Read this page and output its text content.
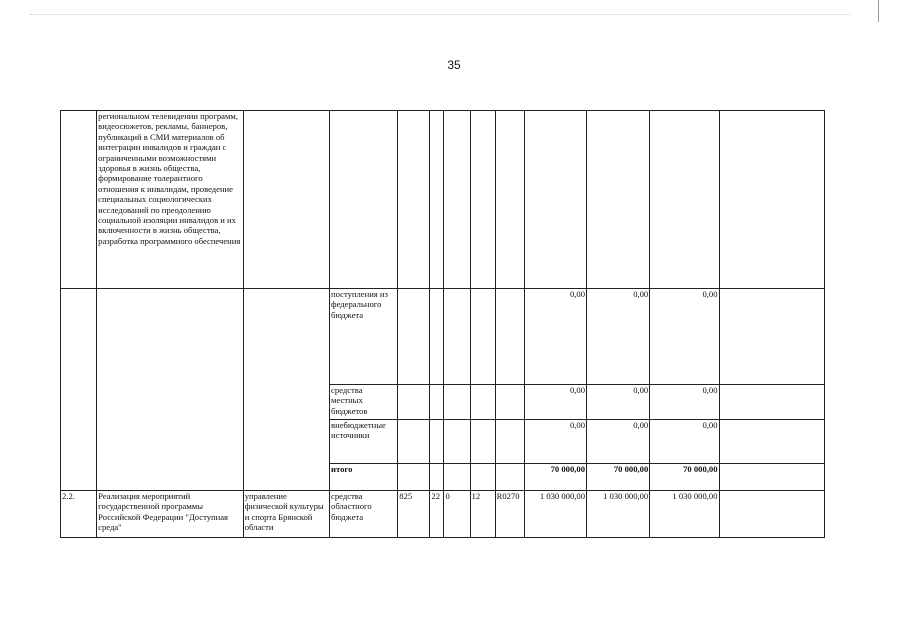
35
	региональном телевидении программ, видеосюжетов, рекламы, баннеров, публикаций в СМИ материалов об интеграции инвалидов и граждан с ограниченными возможностями здоровья в жизнь общества, формирование толерантного отношения к инвалидам, проведение специальных социологических исследований по преодолению социальной изоляции инвалидов и их включенности в жизнь общества, разработка программного обеспечения											
			поступления из федерального бюджета						0,00	0,00	0,00	
			средства местных бюджетов						0,00	0,00	0,00	
			внебюджетные источники						0,00	0,00	0,00	
			итого						70 000,00	70 000,00	70 000,00	
2.2.	Реализация мероприятий государственной программы Российской Федерации "Доступная среда"	управление физической культуры и спорта Брянской области	средства областного бюджета	825	22	0	12	R0270	1 030 000,00	1 030 000,00	1 030 000,00	
